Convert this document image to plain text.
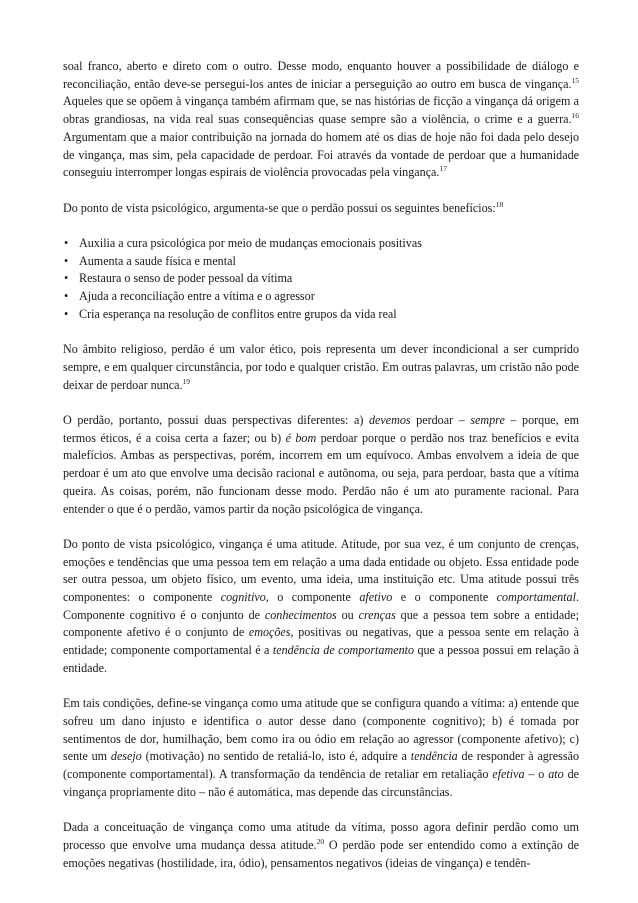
soal franco, aberto e direto com o outro. Desse modo, enquanto houver a possibilidade de diálogo e reconciliação, então deve-se persegui-los antes de iniciar a perseguição ao outro em busca de vingança.$^{15}$ Aqueles que se opõem à vingança também afirmam que, se nas histórias de ficção a vingança dá origem a obras grandiosas, na vida real suas consequências quase sempre são a violência, o crime e a guerra.$^{16}$ Argumentam que a maior contribuição na jornada do homem até os dias de hoje não foi dada pelo desejo de vingança, mas sim, pela capacidade de perdoar. Foi através da vontade de perdoar que a humanidade conseguiu interromper longas espirais de violência provocadas pela vingança.$^{17}$

Do ponto de vista psicológico, argumenta-se que o perdão possui os seguintes benefícios:$^{18}$

• Auxilia a cura psicológica por meio de mudanças emocionais positivas
• Aumenta a saude física e mental
• Restaura o senso de poder pessoal da vítima
• Ajuda a reconciliação entre a vítima e o agressor
• Cria esperança na resolução de conflitos entre grupos da vida real

No âmbito religioso, perdão é um valor ético, pois representa um dever incondicional a ser cumprido sempre, e em qualquer circunstância, por todo e qualquer cristão. Em outras palavras, um cristão não pode deixar de perdoar nunca.$^{19}$

O perdão, portanto, possui duas perspectivas diferentes: a) devemos perdoar – sempre – porque, em termos éticos, é a coisa certa a fazer; ou b) é bom perdoar porque o perdão nos traz benefícios e evita malefícios. Ambas as perspectivas, porém, incorrem em um equívoco. Ambas envolvem a ideia de que perdoar é um ato que envolve uma decisão racional e autônoma, ou seja, para perdoar, basta que a vítima queira. As coisas, porém, não funcionam desse modo. Perdão não é um ato puramente racional. Para entender o que é o perdão, vamos partir da noção psicológica de vingança.

Do ponto de vista psicológico, vingança é uma atitude. Atitude, por sua vez, é um conjunto de crenças, emoções e tendências que uma pessoa tem em relação a uma dada entidade ou objeto. Essa entidade pode ser outra pessoa, um objeto físico, um evento, uma ideia, uma instituição etc. Uma atitude possui três componentes: o componente cognitivo, o componente afetivo e o componente comportamental. Componente cognitivo é o conjunto de conhecimentos ou crenças que a pessoa tem sobre a entidade; componente afetivo é o conjunto de emoções, positivas ou negativas, que a pessoa sente em relação à entidade; componente comportamental é a tendência de comportamento que a pessoa possui em relação à entidade.

Em tais condições, define-se vingança como uma atitude que se configura quando a vítima: a) entende que sofreu um dano injusto e identifica o autor desse dano (componente cognitivo); b) é tomada por sentimentos de dor, humilhação, bem como ira ou ódio em relação ao agressor (componente afetivo); c) sente um desejo (motivação) no sentido de retaliá-lo, isto é, adquire a tendência de responder à agressão (componente comportamental). A transformação da tendência de retaliar em retaliação efetiva – o ato de vingança propriamente dito – não é automática, mas depende das circunstâncias.

Dada a conceituação de vingança como uma atitude da vítima, posso agora definir perdão como um processo que envolve uma mudança dessa atitude.$^{20}$ O perdão pode ser entendido como a extinção de emoções negativas (hostilidade, ira, ódio), pensamentos negativos (ideias de vingança) e tendên-
